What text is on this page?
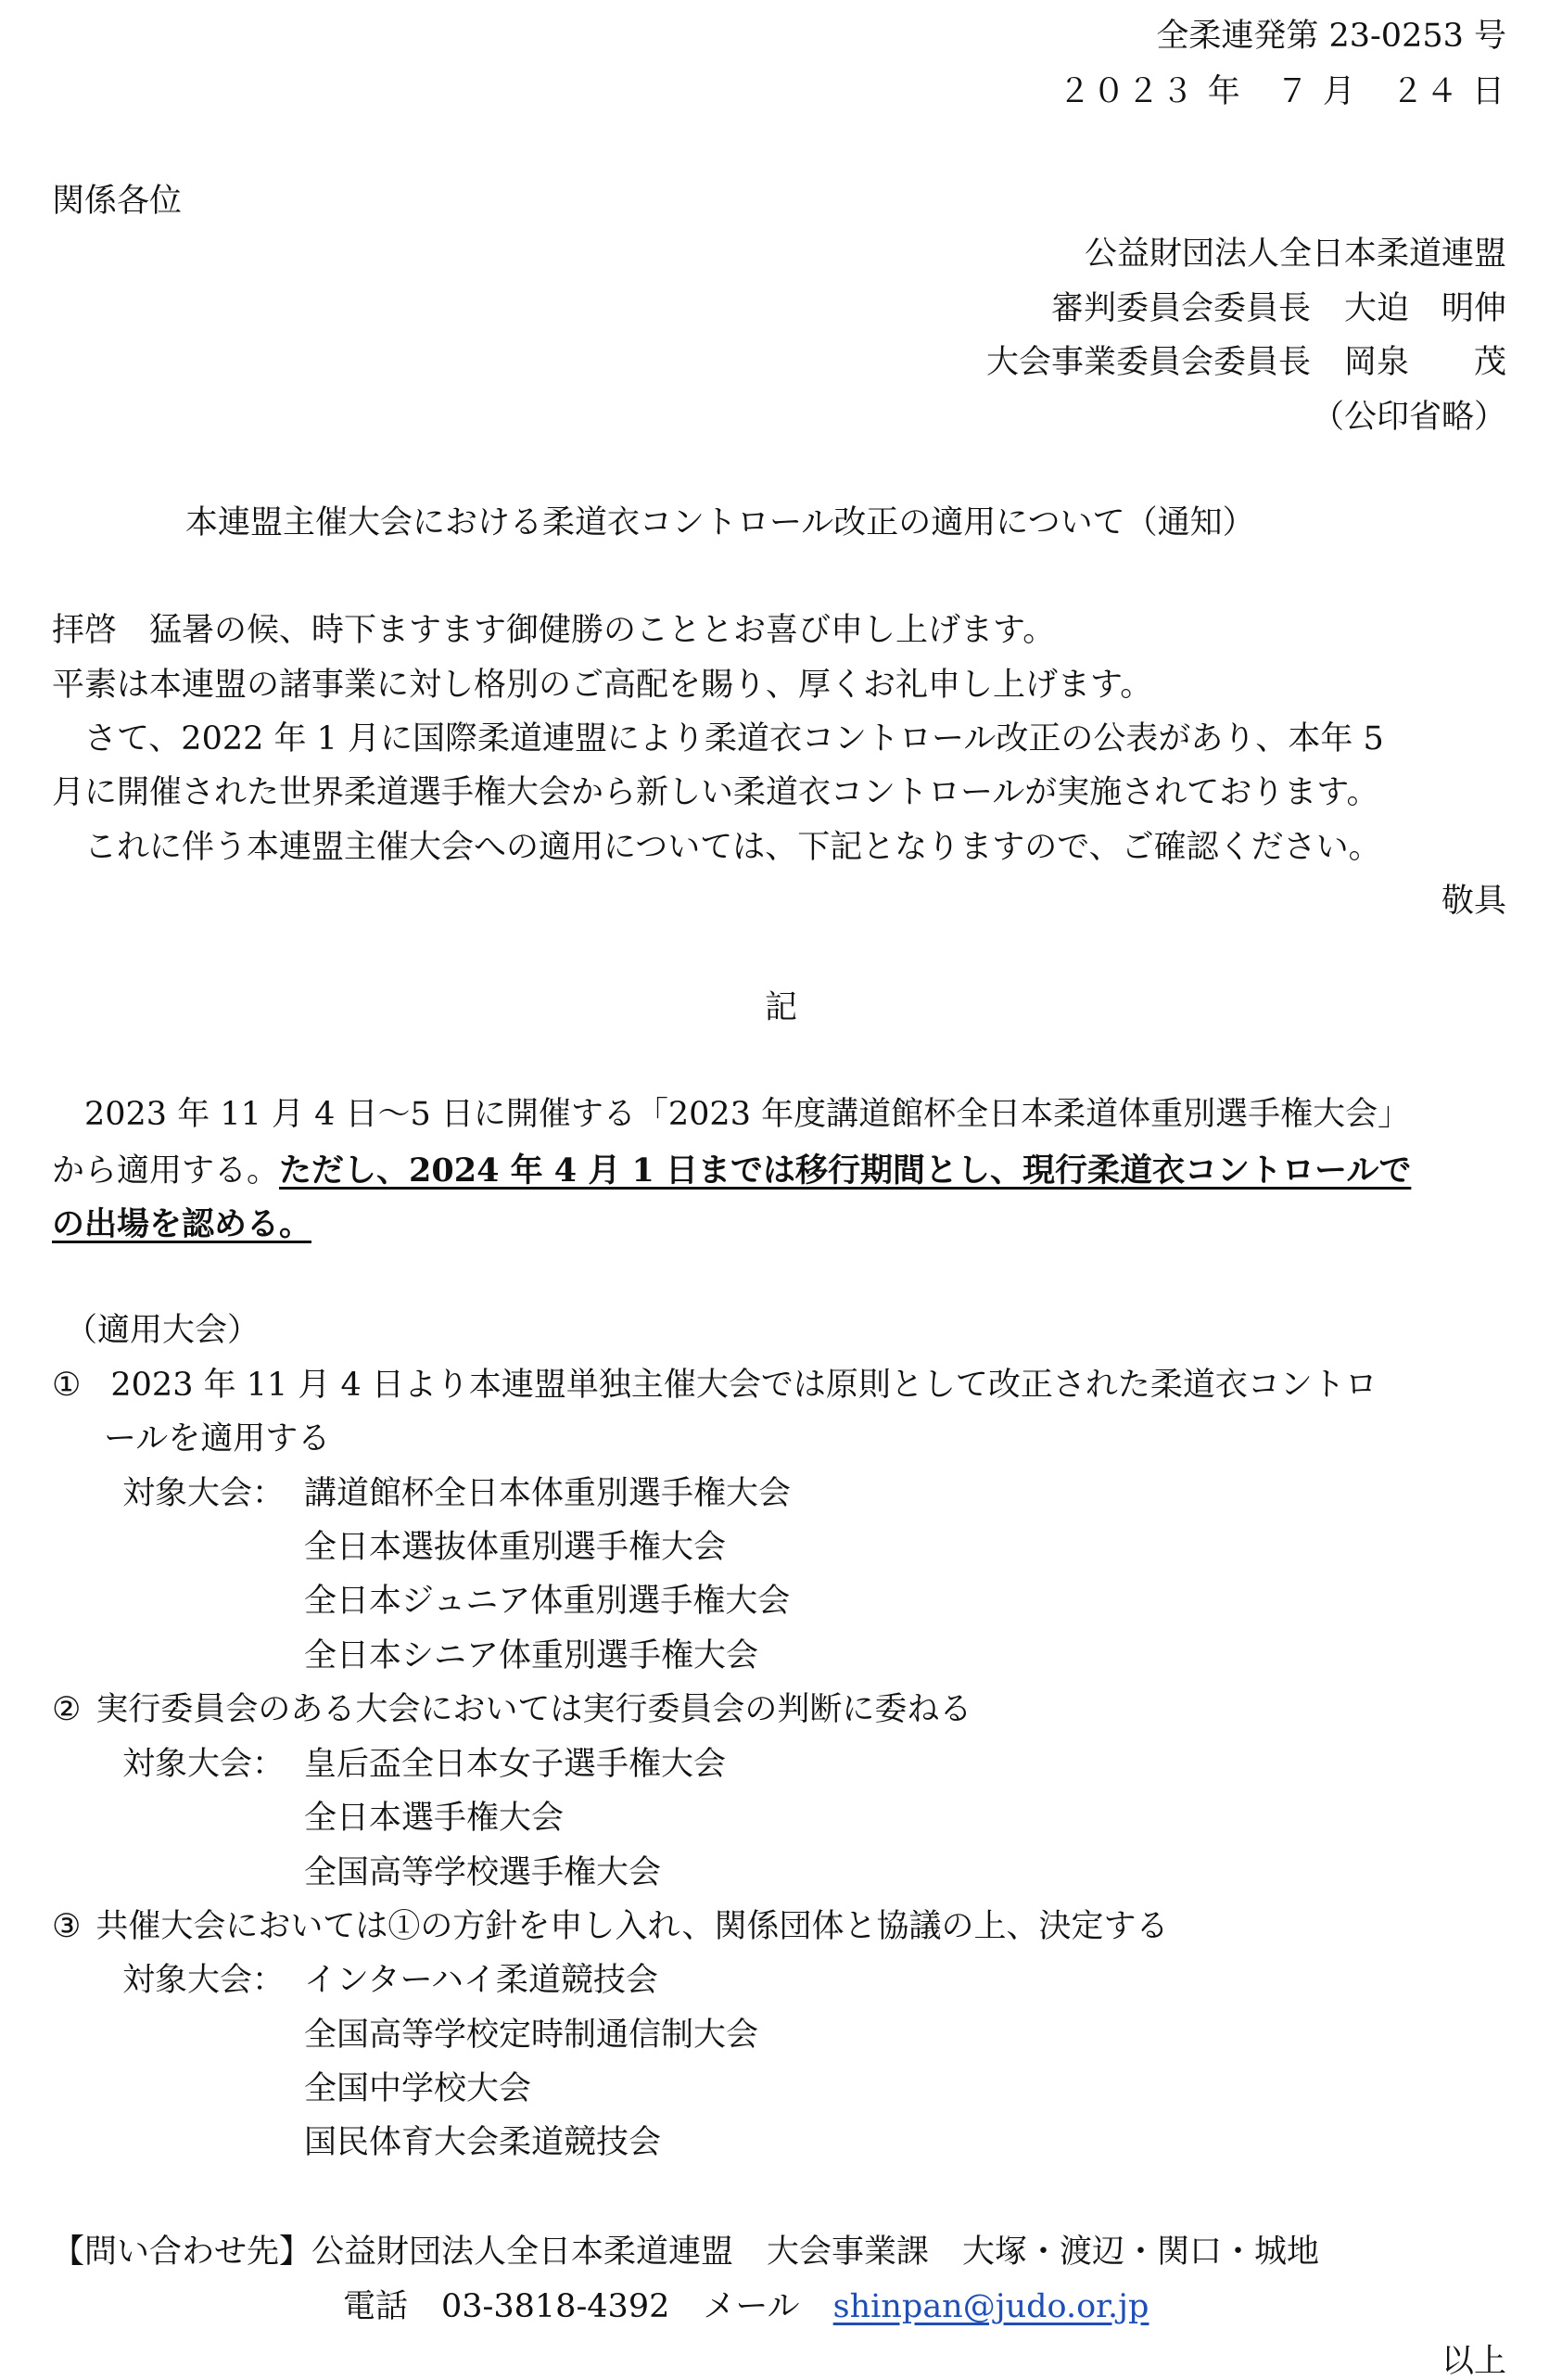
全柔連発第 23-0253 号
２０２３ 年　７ 月　２４ 日
関係各位
公益財団法人全日本柔道連盟
審判委員会委員長 大迫　明伸
大会事業委員会委員長 岡泉　　茂
（公印省略）
本連盟主催大会における柔道衣コントロール改正の適用について（通知）
拝啓　猛暑の候、時下ますます御健勝のこととお喜び申し上げます。
平素は本連盟の諸事業に対し格別のご高配を賜り、厚くお礼申し上げます。
　さて、2022 年 1 月に国際柔道連盟により柔道衣コントロール改正の公表があり、本年 5
月に開催された世界柔道選手権大会から新しい柔道衣コントロールが実施されております。
　これに伴う本連盟主催大会への適用については、下記となりますので、ご確認ください。
敬具
記
　2023 年 11 月 4 日～5 日に開催する「2023 年度講道館杯全日本柔道体重別選手権大会」
から適用する。ただし、2024 年 4 月 1 日までは移行期間とし、現行柔道衣コントロールで
の出場を認める。
（適用大会）
① 2023 年 11 月 4 日より本連盟単独主催大会では原則として改正された柔道衣コントロ
ールを適用する
対象大会： 講道館杯全日本体重別選手権大会
全日本選抜体重別選手権大会
全日本ジュニア体重別選手権大会
全日本シニア体重別選手権大会
② 実行委員会のある大会においては実行委員会の判断に委ねる
対象大会： 皇后盃全日本女子選手権大会
全日本選手権大会
全国高等学校選手権大会
③ 共催大会においては①の方針を申し入れ、関係団体と協議の上、決定する
対象大会： インターハイ柔道競技会
全国高等学校定時制通信制大会
全国中学校大会
国民体育大会柔道競技会
【問い合わせ先】公益財団法人全日本柔道連盟 大会事業課 大塚・渡辺・関口・城地
電話 03-3818-4392 メール shinpan@judo.or.jp
以上
